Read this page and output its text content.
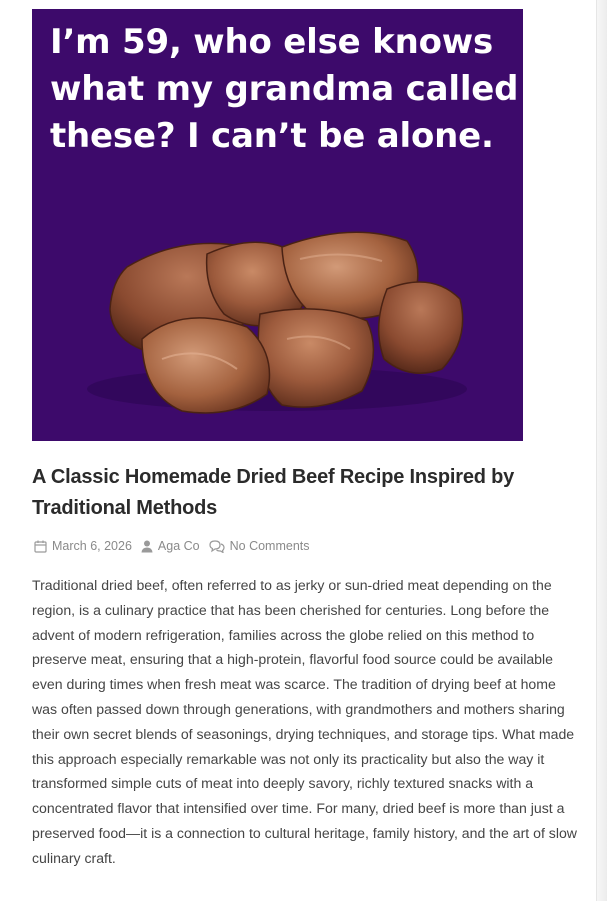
I’m 59, who else knows what my grandma called these? I can’t be alone.

A Classic Homemade Dried Beef Recipe Inspired by Traditional Methods
March 6, 2026 Aga Co No Comments

Traditional dried beef, often referred to as jerky or sun-dried meat depending on the region, is a culinary practice that has been cherished for centuries. Long before the advent of modern refrigeration, families across the globe relied on this method to preserve meat, ensuring that a high-protein, flavorful food source could be available even during times when fresh meat was scarce. The tradition of drying beef at home was often passed down through generations, with grandmothers and mothers sharing their own secret blends of seasonings, drying techniques, and storage tips. What made this approach especially remarkable was not only its practicality but also the way it transformed simple cuts of meat into deeply savory, richly textured snacks with a concentrated flavor that intensified over time. For many, dried beef is more than just a preserved food—it is a connection to cultural heritage, family history, and the art of slow culinary craft.
